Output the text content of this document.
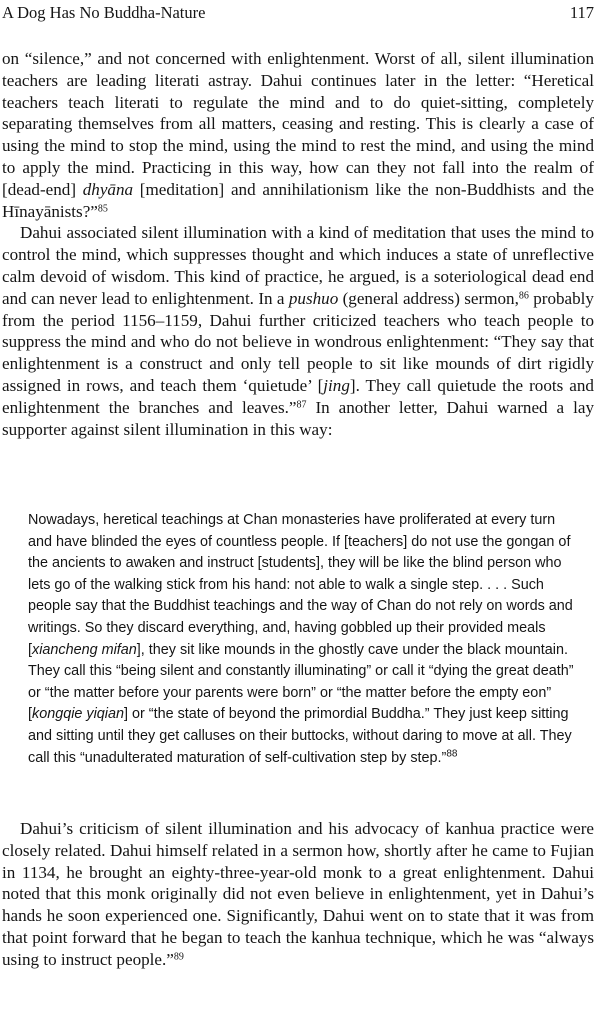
A Dog Has No Buddha-Nature	117

on “silence,” and not concerned with enlightenment. Worst of all, silent illumination teachers are leading literati astray. Dahui continues later in the letter: “Heretical teachers teach literati to regulate the mind and to do quiet-sitting, completely separating themselves from all matters, ceasing and resting. This is clearly a case of using the mind to stop the mind, using the mind to rest the mind, and using the mind to apply the mind. Practicing in this way, how can they not fall into the realm of [dead-end] dhyāna [meditation] and annihilationism like the non-Buddhists and the Hīnayānists?”$^{85}$

Dahui associated silent illumination with a kind of meditation that uses the mind to control the mind, which suppresses thought and which induces a state of unreflective calm devoid of wisdom. This kind of practice, he argued, is a soteriological dead end and can never lead to enlightenment. In a pushuo (general address) sermon,$^{86}$ probably from the period 1156–1159, Dahui further criticized teachers who teach people to suppress the mind and who do not believe in wondrous enlightenment: “They say that enlightenment is a construct and only tell people to sit like mounds of dirt rigidly assigned in rows, and teach them ‘quietude’ [jing]. They call quietude the roots and enlightenment the branches and leaves.”$^{87}$ In another letter, Dahui warned a lay supporter against silent illumination in this way:

Nowadays, heretical teachings at Chan monasteries have proliferated at every turn and have blinded the eyes of countless people. If [teachers] do not use the gongan of the ancients to awaken and instruct [students], they will be like the blind person who lets go of the walking stick from his hand: not able to walk a single step. . . . Such people say that the Buddhist teachings and the way of Chan do not rely on words and writings. So they discard everything, and, having gobbled up their provided meals [xiancheng mifan], they sit like mounds in the ghostly cave under the black mountain. They call this “being silent and constantly illuminating” or call it “dying the great death” or “the matter before your parents were born” or “the matter before the empty eon” [kongqie yiqian] or “the state of beyond the primordial Buddha.” They just keep sitting and sitting until they get calluses on their buttocks, without daring to move at all. They call this “unadulterated maturation of self-cultivation step by step.”$^{88}$

Dahui’s criticism of silent illumination and his advocacy of kanhua practice were closely related. Dahui himself related in a sermon how, shortly after he came to Fujian in 1134, he brought an eighty-three-year-old monk to a great enlightenment. Dahui noted that this monk originally did not even believe in enlightenment, yet in Dahui’s hands he soon experienced one. Significantly, Dahui went on to state that it was from that point forward that he began to teach the kanhua technique, which he was “always using to instruct people.”$^{89}$
